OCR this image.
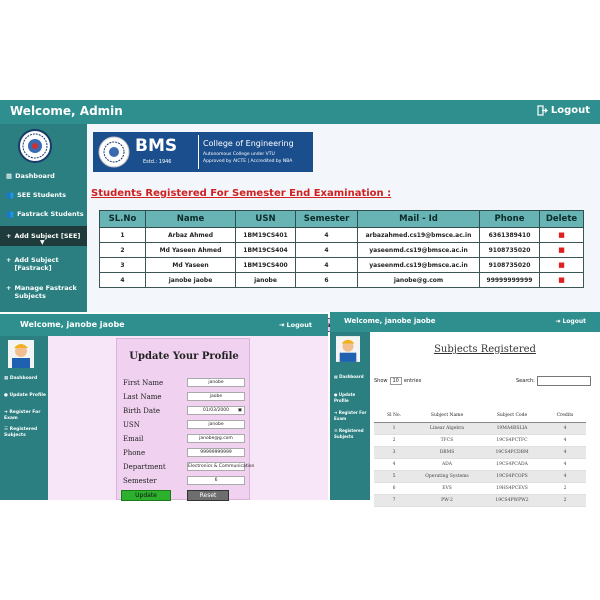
Welcome, Admin	Logout
▦ Dashboard
👥 SEE Students
👥 Fastrack Students
+ Add Subject [SEE]
▼
+ Add Subject [Fastrack]
+ Manage Fastrack Subjects
BMS
Estd.: 1946
College of Engineering
Autonomous College under VTU
Approved by AICTE | Accredited by NBA
Students Registered For Semester End Examination :
SL.No	Name	USN	Semester	Mail - Id	Phone	Delete
1	Arbaz Ahmed	1BM19CS401	4	arbazahmed.cs19@bmsce.ac.in	6361389410	■
2	Md Yaseen Ahmed	1BM19CS404	4	yaseenmd.cs19@bmsce.ac.in	9108735020	■
3	Md Yaseen	1BM19CS400	4	yaseenmd.cs19@bmsce.ac.in	9108735020	■
4	janobe jaobe	janobe	6	janobe@g.com	99999999999	■
Welcome, janobe jaobe	⇥ Logout
▦ Dashboard
● Update Profile
➜ Register For Exam
☰ Registered Subjects
Update Your Profile
First Name	janobe
Last Name	jaobe
Birth Date	01/03/2000 ▣
USN	janobe
Email	janobe@g.com
Phone	99999999999
Department	Electronics & Communication
Semester	6
Update	Reset
Welcome, janobe jaobe	⇥ Logout
▦ Dashboard
● Update Profile
➜ Register For Exam
☰ Registered Subjects
Subjects Registered
Show	10	entries	Search:
Sl No.	Subject Name	Subject Code	Credits
1	Linear Algebra	19MA4BSLIA	4
2	TFCS	19CS4PCTFC	4
3	DBMS	19CS4PCDBM	4
4	ADA	19CS4PCADA	4
5	Operating Systems	19CS4PCOPS	4
6	EVS	19HS4PCEVS	2
7	PW-2	19CS4PWPW2	2
